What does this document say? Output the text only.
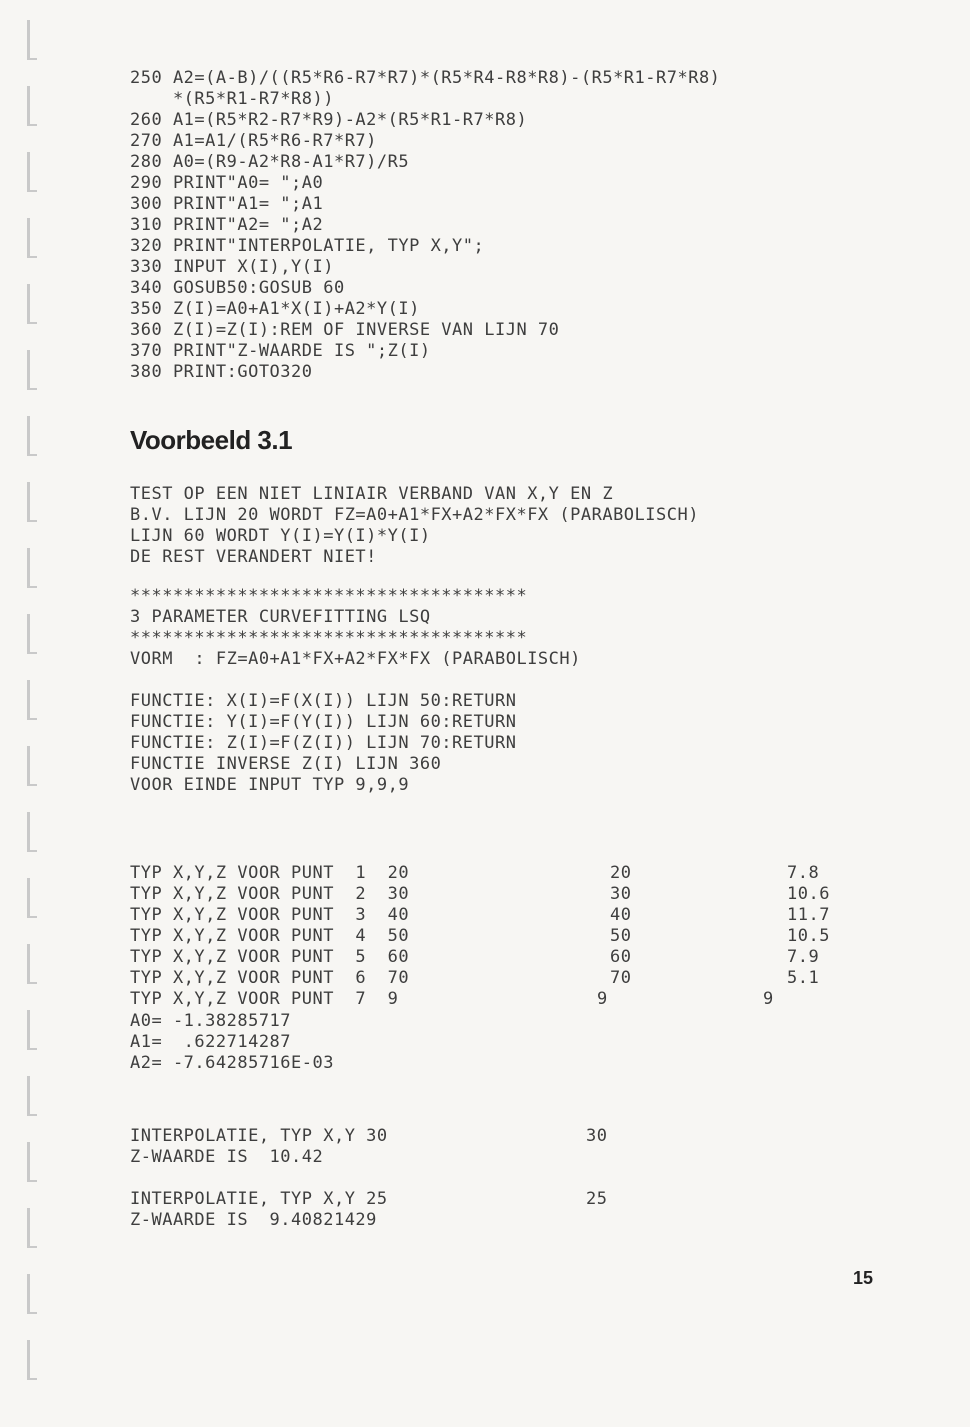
250 A2=(A-B)/((R5*R6-R7*R7)*(R5*R4-R8*R8)-(R5*R1-R7*R8)
*(R5*R1-R7*R8))
260 A1=(R5*R2-R7*R9)-A2*(R5*R1-R7*R8)
270 A1=A1/(R5*R6-R7*R7)
280 A0=(R9-A2*R8-A1*R7)/R5
290 PRINT"A0= ";A0
300 PRINT"A1= ";A1
310 PRINT"A2= ";A2
320 PRINT"INTERPOLATIE, TYP X,Y";
330 INPUT X(I),Y(I)
340 GOSUB50:GOSUB 60
350 Z(I)=A0+A1*X(I)+A2*Y(I)
360 Z(I)=Z(I):REM OF INVERSE VAN LIJN 70
370 PRINT"Z-WAARDE IS ";Z(I)
380 PRINT:GOTO320
Voorbeeld 3.1
TEST OP EEN NIET LINIAIR VERBAND VAN X,Y EN Z
B.V. LIJN 20 WORDT FZ=A0+A1*FX+A2*FX*FX (PARABOLISCH)
LIJN 60 WORDT Y(I)=Y(I)*Y(I)
DE REST VERANDERT NIET!
*************************************
3 PARAMETER CURVEFITTING LSQ
*************************************
VORM  : FZ=A0+A1*FX+A2*FX*FX (PARABOLISCH)
FUNCTIE: X(I)=F(X(I)) LIJN 50:RETURN
FUNCTIE: Y(I)=F(Y(I)) LIJN 60:RETURN
FUNCTIE: Z(I)=F(Z(I)) LIJN 70:RETURN
FUNCTIE INVERSE Z(I) LIJN 360
VOOR EINDE INPUT TYP 9,9,9
TYP X,Y,Z VOOR PUNT  1  20	20	7.8
TYP X,Y,Z VOOR PUNT  2  30	30	10.6
TYP X,Y,Z VOOR PUNT  3  40	40	11.7
TYP X,Y,Z VOOR PUNT  4  50	50	10.5
TYP X,Y,Z VOOR PUNT  5  60	60	7.9
TYP X,Y,Z VOOR PUNT  6  70	70	5.1
TYP X,Y,Z VOOR PUNT  7  9	9	9
A0= -1.38285717
A1=  .622714287
A2= -7.64285716E-03
INTERPOLATIE, TYP X,Y 30	30
Z-WAARDE IS  10.42
INTERPOLATIE, TYP X,Y 25	25
Z-WAARDE IS  9.40821429
15
